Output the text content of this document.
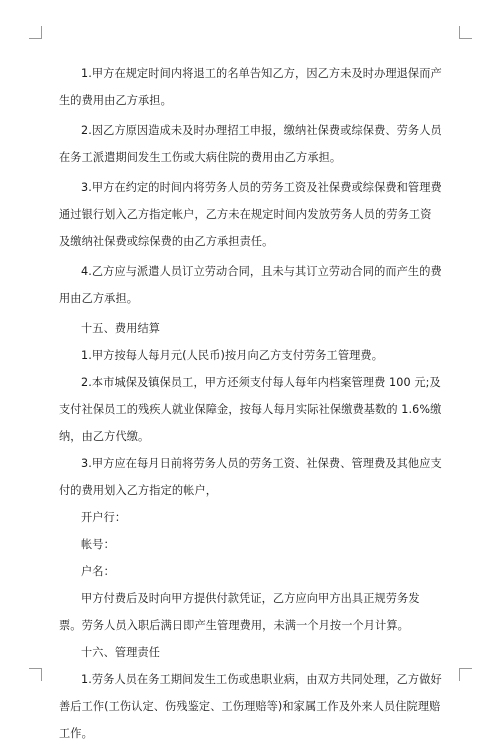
1.甲方在规定时间内将退工的名单告知乙方，因乙方未及时办理退保而产生的费用由乙方承担。
2.因乙方原因造成未及时办理招工申报，缴纳社保费或综保费、劳务人员在务工派遣期间发生工伤或大病住院的费用由乙方承担。
3.甲方在约定的时间内将劳务人员的劳务工资及社保费或综保费和管理费通过银行划入乙方指定帐户，乙方未在规定时间内发放劳务人员的劳务工资及缴纳社保费或综保费的由乙方承担责任。
4.乙方应与派遣人员订立劳动合同，且未与其订立劳动合同的而产生的费用由乙方承担。
十五、费用结算
1.甲方按每人每月元(人民币)按月向乙方支付劳务工管理费。
2.本市城保及镇保员工，甲方还须支付每人每年内档案管理费 100 元;及支付社保员工的残疾人就业保障金，按每人每月实际社保缴费基数的 1.6%缴纳，由乙方代缴。
3.甲方应在每月日前将劳务人员的劳务工资、社保费、管理费及其他应支付的费用划入乙方指定的帐户，
开户行：
帐号：
户名：
甲方付费后及时向甲方提供付款凭证，乙方应向甲方出具正规劳务发票。劳务人员入职后满日即产生管理费用，未满一个月按一个月计算。
十六、管理责任
1.劳务人员在务工期间发生工伤或患职业病，由双方共同处理，乙方做好善后工作(工伤认定、伤残鉴定、工伤理赔等)和家属工作及外来人员住院理赔工作。
